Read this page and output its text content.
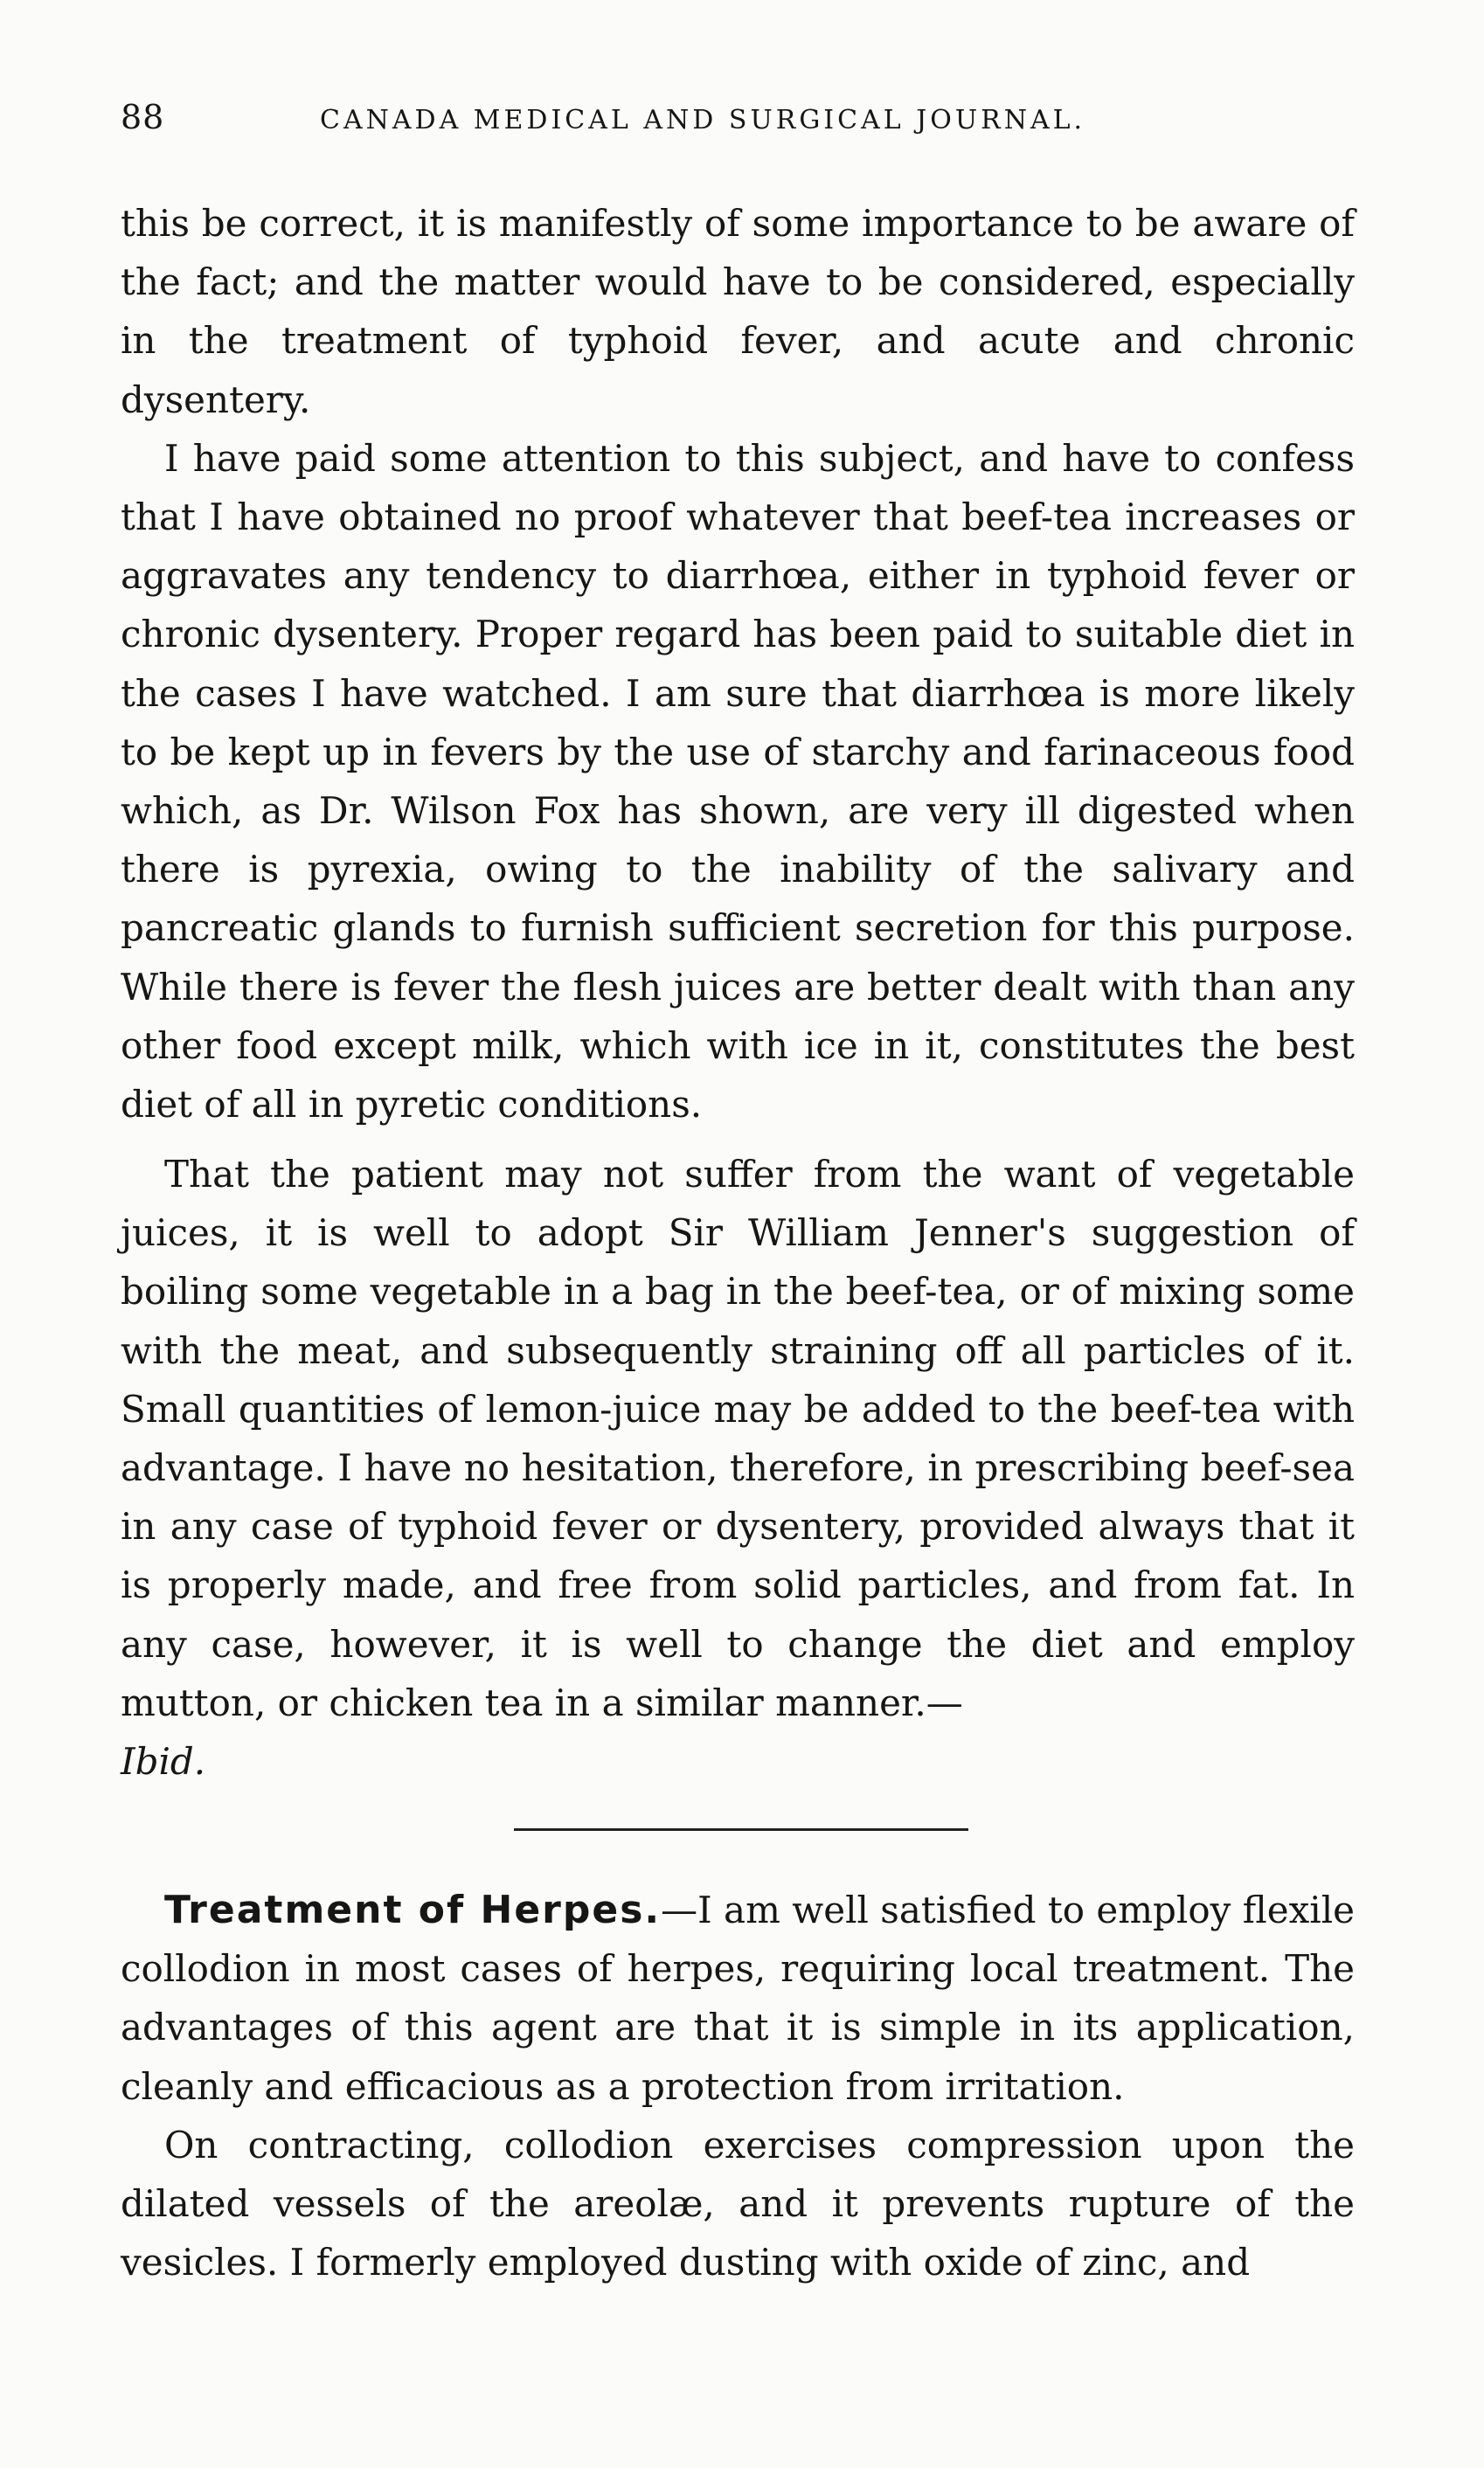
88	CANADA MEDICAL AND SURGICAL JOURNAL.

this be correct, it is manifestly of some importance to be aware of the fact; and the matter would have to be considered, especially in the treatment of typhoid fever, and acute and chronic dysentery.

I have paid some attention to this subject, and have to confess that I have obtained no proof whatever that beef-tea increases or aggravates any tendency to diarrhœa, either in typhoid fever or chronic dysentery. Proper regard has been paid to suitable diet in the cases I have watched. I am sure that diarrhœa is more likely to be kept up in fevers by the use of starchy and farinaceous food which, as Dr. Wilson Fox has shown, are very ill digested when there is pyrexia, owing to the inability of the salivary and pancreatic glands to furnish sufficient secretion for this purpose. While there is fever the flesh juices are better dealt with than any other food except milk, which with ice in it, constitutes the best diet of all in pyretic conditions.

That the patient may not suffer from the want of vegetable juices, it is well to adopt Sir William Jenner's suggestion of boiling some vegetable in a bag in the beef-tea, or of mixing some with the meat, and subsequently straining off all particles of it. Small quantities of lemon-juice may be added to the beef-tea with advantage. I have no hesitation, therefore, in prescribing beef-sea in any case of typhoid fever or dysentery, provided always that it is properly made, and free from solid particles, and from fat. In any case, however, it is well to change the diet and employ mutton, or chicken tea in a similar manner.—
Ibid.

Treatment of Herpes.—I am well satisfied to employ flexile collodion in most cases of herpes, requiring local treatment. The advantages of this agent are that it is simple in its application, cleanly and efficacious as a protection from irritation.

On contracting, collodion exercises compression upon the dilated vessels of the areolæ, and it prevents rupture of the vesicles. I formerly employed dusting with oxide of zinc, and
